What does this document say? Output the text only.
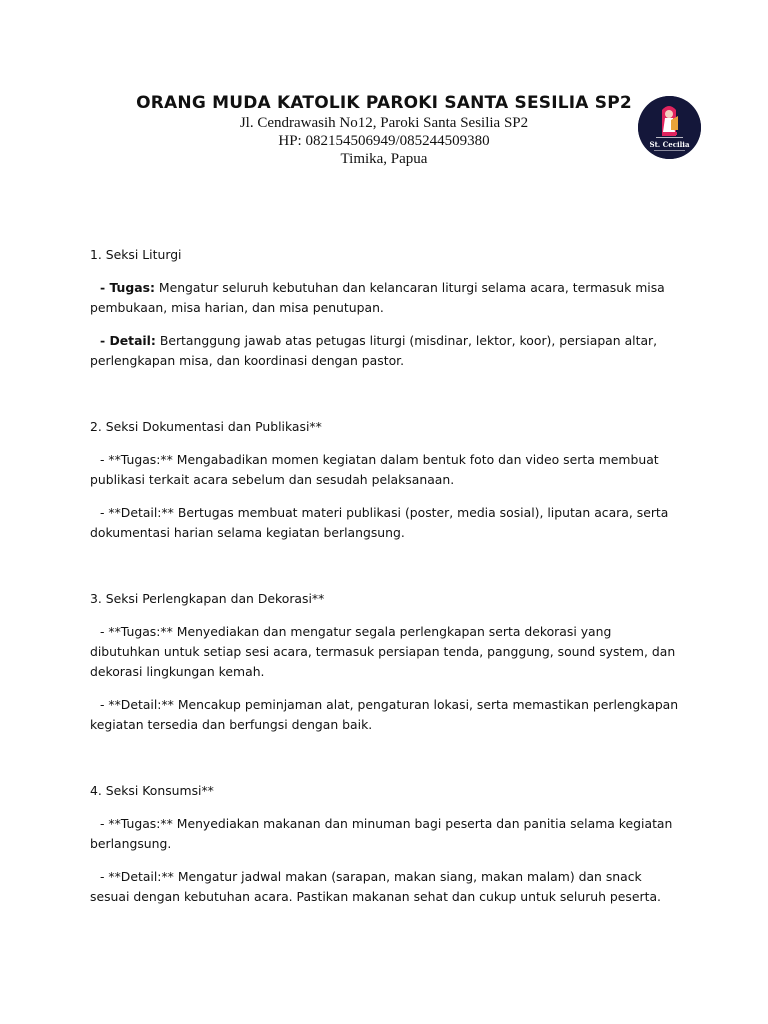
ORANG MUDA KATOLIK PAROKI SANTA SESILIA SP2

Jl. Cendrawasih No12, Paroki Santa Sesilia SP2

HP: 082154506949/085244509380

Timika, Papua

St. Cecilia

1. Seksi Liturgi

- Tugas: Mengatur seluruh kebutuhan dan kelancaran liturgi selama acara, termasuk misa pembukaan, misa harian, dan misa penutupan.

- Detail: Bertanggung jawab atas petugas liturgi (misdinar, lektor, koor), persiapan altar, perlengkapan misa, dan koordinasi dengan pastor.

2. Seksi Dokumentasi dan Publikasi**

- **Tugas:** Mengabadikan momen kegiatan dalam bentuk foto dan video serta membuat publikasi terkait acara sebelum dan sesudah pelaksanaan.

- **Detail:** Bertugas membuat materi publikasi (poster, media sosial), liputan acara, serta dokumentasi harian selama kegiatan berlangsung.

3. Seksi Perlengkapan dan Dekorasi**

- **Tugas:** Menyediakan dan mengatur segala perlengkapan serta dekorasi yang dibutuhkan untuk setiap sesi acara, termasuk persiapan tenda, panggung, sound system, dan dekorasi lingkungan kemah.

- **Detail:** Mencakup peminjaman alat, pengaturan lokasi, serta memastikan perlengkapan kegiatan tersedia dan berfungsi dengan baik.

4. Seksi Konsumsi**

- **Tugas:** Menyediakan makanan dan minuman bagi peserta dan panitia selama kegiatan berlangsung.

- **Detail:** Mengatur jadwal makan (sarapan, makan siang, makan malam) dan snack sesuai dengan kebutuhan acara. Pastikan makanan sehat dan cukup untuk seluruh peserta.
